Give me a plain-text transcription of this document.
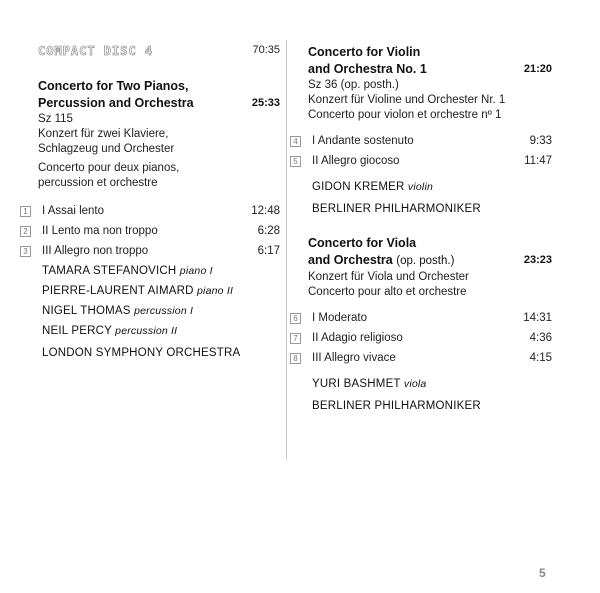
COMPACT DISC 4	70:35
Concerto for Two Pianos,
Percussion and Orchestra	25:33
Sz 115
Konzert für zwei Klaviere,
Schlagzeug und Orchester
Concerto pour deux pianos,
percussion et orchestre
1 I Assai lento	12:48
2 II Lento ma non troppo	6:28
3 III Allegro non troppo	6:17
TAMARA STEFANOVICH piano I
PIERRE-LAURENT AIMARD piano II
NIGEL THOMAS percussion I
NEIL PERCY percussion II
LONDON SYMPHONY ORCHESTRA
Concerto for Violin
and Orchestra No. 1	21:20
Sz 36 (op. posth.)
Konzert für Violine und Orchester Nr. 1
Concerto pour violon et orchestre nº 1
4 I Andante sostenuto	9:33
5 II Allegro giocoso	11:47
GIDON KREMER violin
BERLINER PHILHARMONIKER
Concerto for Viola
and Orchestra (op. posth.)	23:23
Konzert für Viola und Orchester
Concerto pour alto et orchestre
6 I Moderato	14:31
7 II Adagio religioso	4:36
8 III Allegro vivace	4:15
YURI BASHMET viola
BERLINER PHILHARMONIKER
5
